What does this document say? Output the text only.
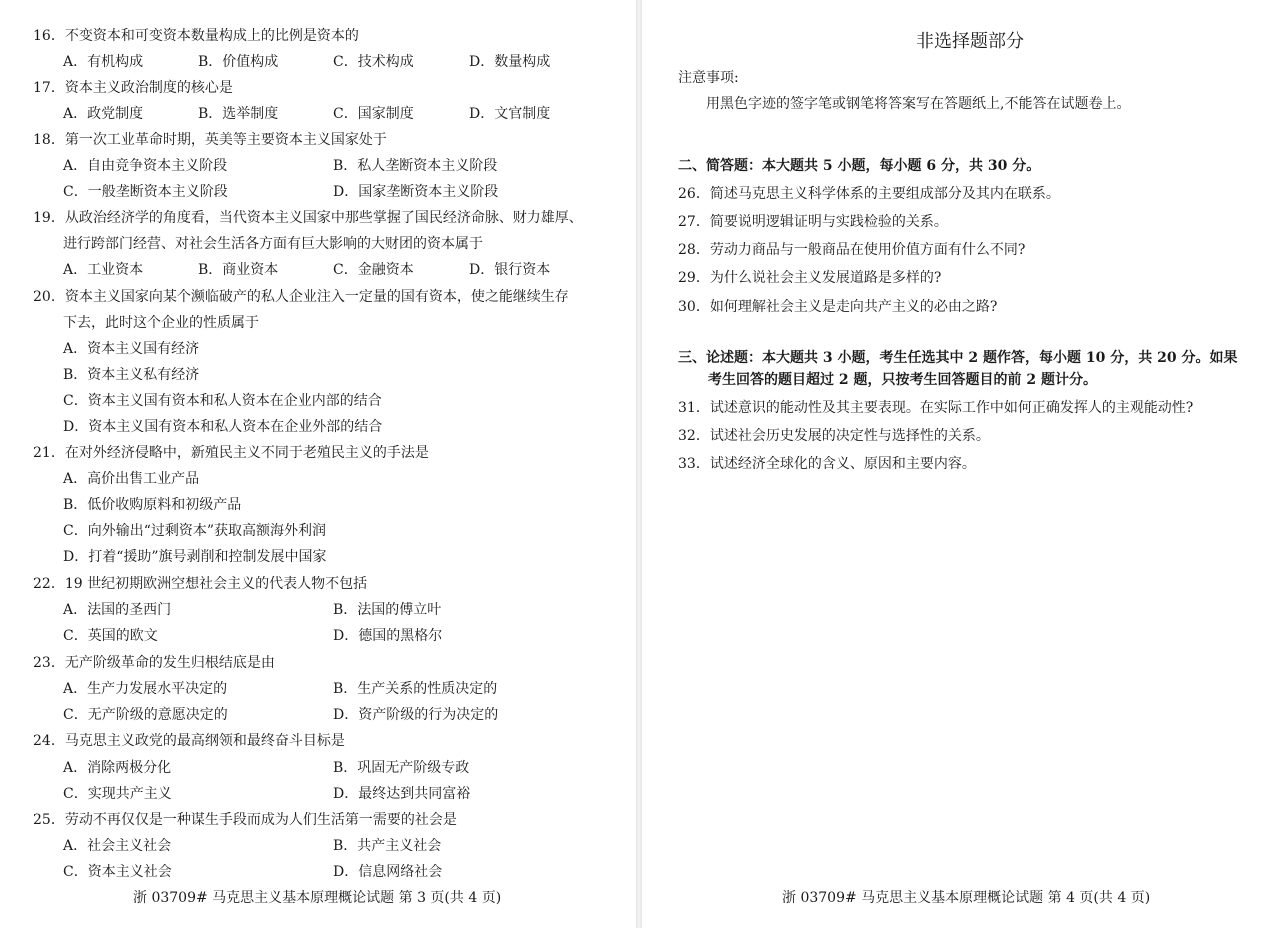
16．不变资本和可变资本数量构成上的比例是资本的
A．有机构成	B．价值构成	C．技术构成	D．数量构成
17．资本主义政治制度的核心是
A．政党制度	B．选举制度	C．国家制度	D．文官制度
18．第一次工业革命时期，英美等主要资本主义国家处于
A．自由竞争资本主义阶段	B．私人垄断资本主义阶段
C．一般垄断资本主义阶段	D．国家垄断资本主义阶段
19．从政治经济学的角度看，当代资本主义国家中那些掌握了国民经济命脉、财力雄厚、
进行跨部门经营、对社会生活各方面有巨大影响的大财团的资本属于
A．工业资本	B．商业资本	C．金融资本	D．银行资本
20．资本主义国家向某个濒临破产的私人企业注入一定量的国有资本，使之能继续生存
下去，此时这个企业的性质属于
A．资本主义国有经济
B．资本主义私有经济
C．资本主义国有资本和私人资本在企业内部的结合
D．资本主义国有资本和私人资本在企业外部的结合
21．在对外经济侵略中，新殖民主义不同于老殖民主义的手法是
A．高价出售工业产品
B．低价收购原料和初级产品
C．向外输出“过剩资本”获取高额海外利润
D．打着“援助”旗号剥削和控制发展中国家
22．19 世纪初期欧洲空想社会主义的代表人物不包括
A．法国的圣西门	B．法国的傅立叶
C．英国的欧文	D．德国的黑格尔
23．无产阶级革命的发生归根结底是由
A．生产力发展水平决定的	B．生产关系的性质决定的
C．无产阶级的意愿决定的	D．资产阶级的行为决定的
24．马克思主义政党的最高纲领和最终奋斗目标是
A．消除两极分化	B．巩固无产阶级专政
C．实现共产主义	D．最终达到共同富裕
25．劳动不再仅仅是一种谋生手段而成为人们生活第一需要的社会是
A．社会主义社会	B．共产主义社会
C．资本主义社会	D．信息网络社会
浙 03709# 马克思主义基本原理概论试题 第 3 页(共 4 页)
非选择题部分
注意事项:
用黑色字迹的签字笔或钢笔将答案写在答题纸上,不能答在试题卷上。
二、简答题：本大题共 5 小题，每小题 6 分，共 30 分。
26．简述马克思主义科学体系的主要组成部分及其内在联系。
27．简要说明逻辑证明与实践检验的关系。
28．劳动力商品与一般商品在使用价值方面有什么不同?
29．为什么说社会主义发展道路是多样的?
30．如何理解社会主义是走向共产主义的必由之路?
三、论述题：本大题共 3 小题，考生任选其中 2 题作答，每小题 10 分，共 20 分。如果
考生回答的题目超过 2 题，只按考生回答题目的前 2 题计分。
31．试述意识的能动性及其主要表现。在实际工作中如何正确发挥人的主观能动性?
32．试述社会历史发展的决定性与选择性的关系。
33．试述经济全球化的含义、原因和主要内容。
浙 03709# 马克思主义基本原理概论试题 第 4 页(共 4 页)
